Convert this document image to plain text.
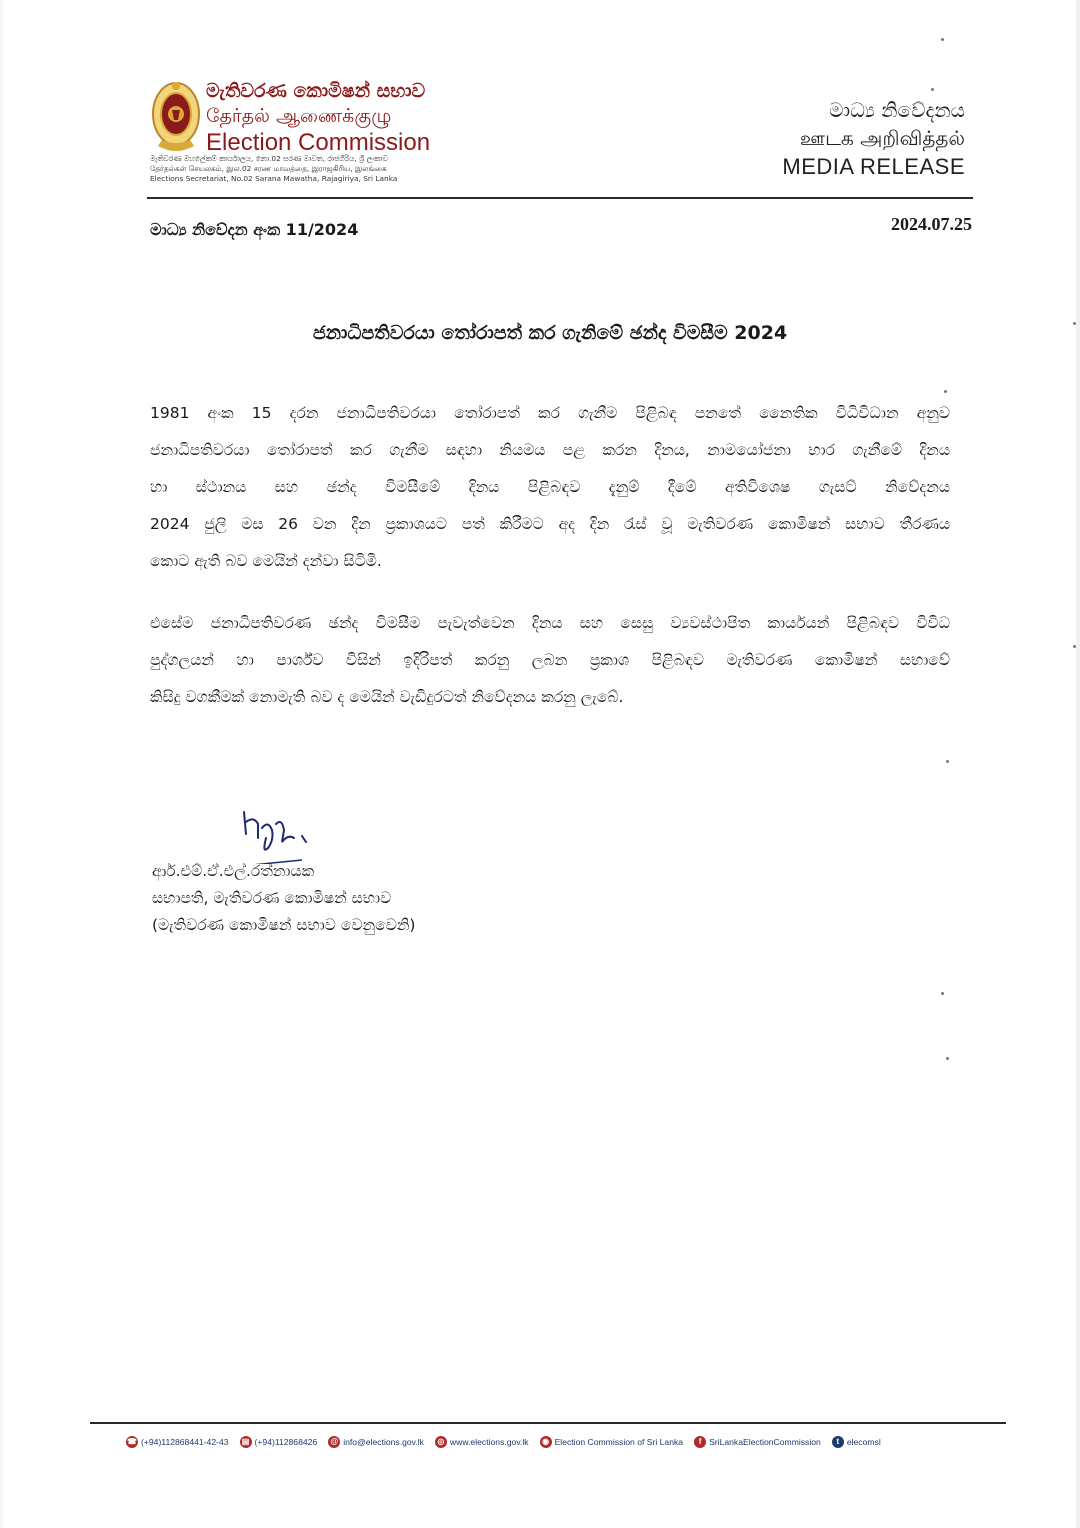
මැතිවරණ කොමිෂන් සභාව
தேர்தல் ஆணைக்குழு
Election Commission
මැතිවරණ මහලේකම් කාර්යාලය, නො.02 සරණ මාවත, රාජගිරිය, ශ්‍රී ලංකාව
தேர்தல்கள் செயலகம், இல.02 சரண மாவத்தை, இராஜகிரிய, இலங்கை
Elections Secretariat, No.02 Sarana Mawatha, Rajagiriya, Sri Lanka
මාධ්‍ය නිවේදනය
ஊடக அறிவித்தல்
MEDIA RELEASE
මාධ්‍ය නිවේදන අංක 11/2024	2024.07.25
ජනාධිපතිවරයා තෝරාපත් කර ගැනිමේ ඡන්ද විමසීම 2024
1981 අංක 15 දරන ජනාධිපතිවරයා තෝරාපත් කර ගැනීම පිළිබඳ පනතේ නෛතික විධිවිධාන අනුව
ජනාධිපතිවරයා තෝරාපත් කර ගැනීම සඳහා නියමය පළ කරන දිනය, නාමයෝජනා භාර ගැනීමේ දිනය
හා ස්ථානය සහ ඡන්ද විමසීමේ දිනය පිළිබඳව දැනුම් දීමේ අතිවිශෙෂ ගැසට් නිවේදනය
2024 ජුලි මස 26 වන දින ප්‍රකාශයට පත් කිරීමට අද දින රැස් වූ මැතිවරණ කොමිෂන් සභාව තීරණය
කොට ඇති බව මෙයින් දන්වා සිටිමි.
එසේම ජනාධිපතිවරණ ඡන්ද විමසීම පැවැත්වෙන දිනය සහ සෙසු ව්‍යවස්ථාපිත කාර්යයන් පිළිබඳව විවිධ
පුද්ගලයන් හා පාර්ශ්ව විසින් ඉදිරිපත් කරනු ලබන ප්‍රකාශ පිළිබඳව මැතිවරණ කොමිෂන් සභාවේ
කිසිදු වගකීමක් නොමැති බව ද මෙයින් වැඩිදුරටත් නිවේදනය කරනු ලැබේ.
ආර්.එම්.ඒ.එල්.රත්නායක
සභාපති, මැතිවරණ කොමිෂන් සභාව
(මැතිවරණ කොමිෂන් සභාව වෙනුවෙනි)
☎ (+94)112868441-42-43 ▤ (+94)112868426 @ info@elections.gov.lk	◎ www.elections.gov.lk	◉ Election Commission of Sri Lanka	f SriLankaElectionCommission	t elecomsl
